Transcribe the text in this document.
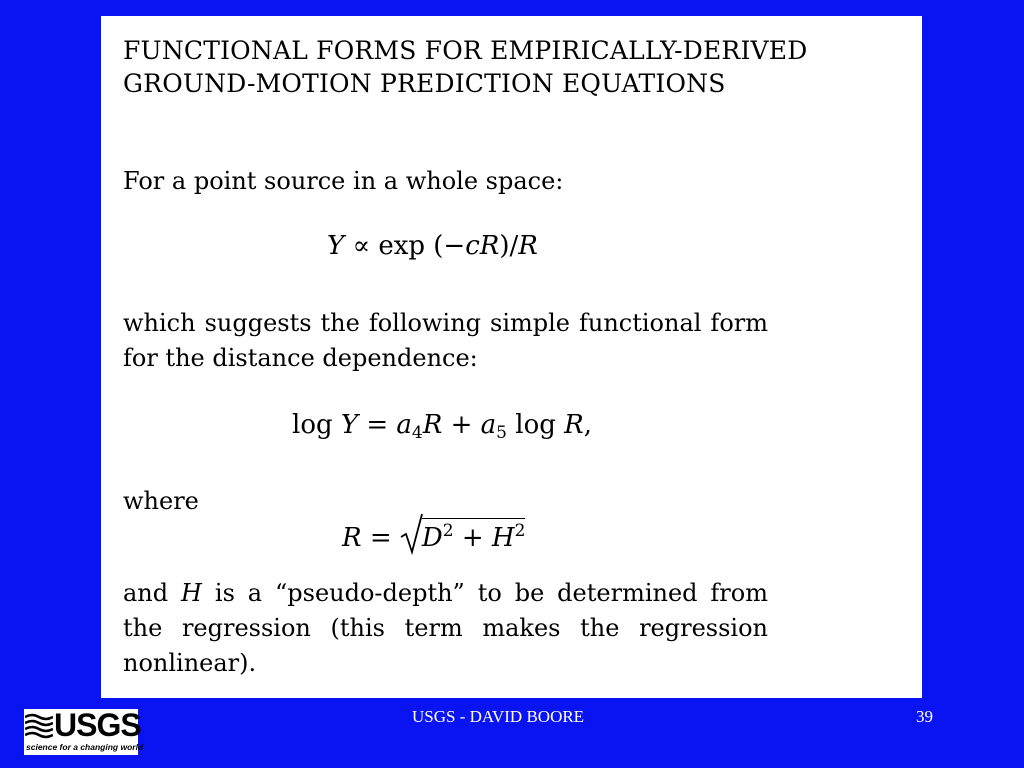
FUNCTIONAL FORMS FOR EMPIRICALLY-DERIVED
GROUND-MOTION PREDICTION EQUATIONS

For a point source in a whole space:

Y ∝ exp (−cR)/R

which suggests the following simple functional form for the distance dependence:

$\log Y = a_4R + a_5$ log R,

where

$R = D^2 + H^2$

and H is a “pseudo-depth” to be determined from the regression (this term makes the regression nonlinear).

USGS
science for a changing world
USGS - DAVID BOORE	39
